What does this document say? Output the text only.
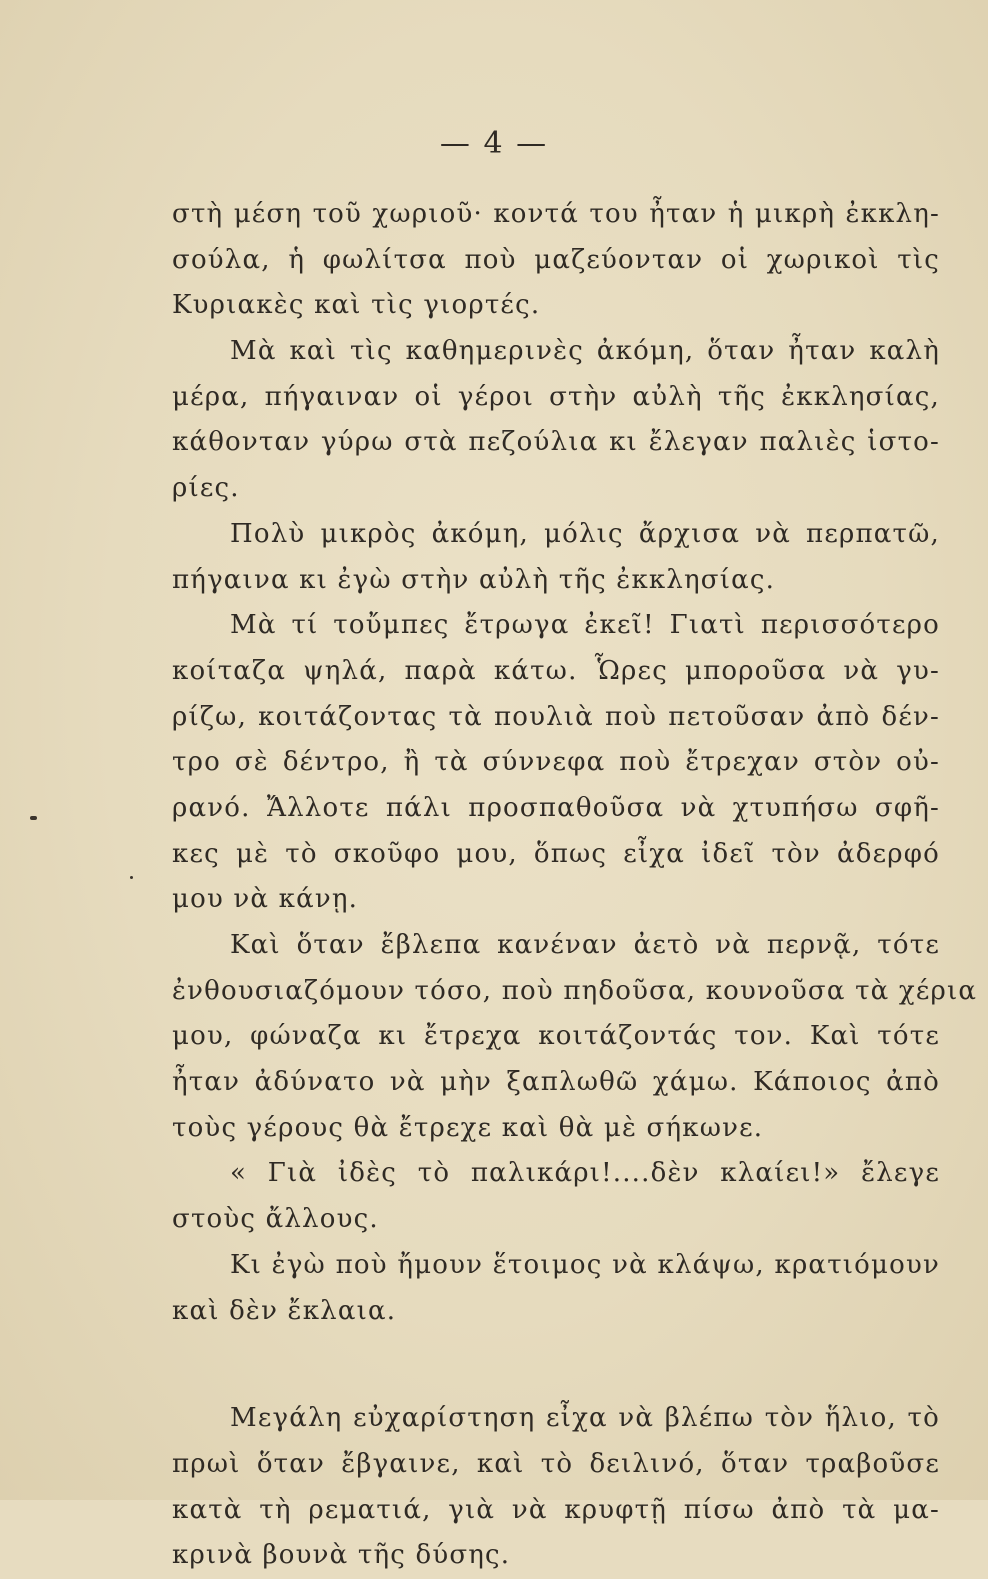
— 4 —
στὴ μέση τοῦ χωριοῦ· κοντά του ἦταν ἡ μικρὴ ἐκκλη-
σούλα, ἡ φωλίτσα ποὺ μαζεύονταν οἱ χωρικοὶ τὶς
Κυριακὲς καὶ τὶς γιορτές.
Μὰ καὶ τὶς καθημερινὲς ἀκόμη, ὅταν ἦταν καλὴ
μέρα, πήγαιναν οἱ γέροι στὴν αὐλὴ τῆς ἐκκλησίας,
κάθονταν γύρω στὰ πεζούλια κι ἔλεγαν παλιὲς ἱστο-
ρίες.
Πολὺ μικρὸς ἀκόμη, μόλις ἄρχισα νὰ περπατῶ,
πήγαινα κι ἐγὼ στὴν αὐλὴ τῆς ἐκκλησίας.
Μὰ τί τοὔμπες ἔτρωγα ἐκεῖ! Γιατὶ περισσότερο
κοίταζα ψηλά, παρὰ κάτω. Ὧρες μποροῦσα νὰ γυ-
ρίζω, κοιτάζοντας τὰ πουλιὰ ποὺ πετοῦσαν ἀπὸ δέν-
τρο σὲ δέντρο, ἢ τὰ σύννεφα ποὺ ἔτρεχαν στὸν οὐ-
ρανό. Ἄλλοτε πάλι προσπαθοῦσα νὰ χτυπήσω σφῆ-
κες μὲ τὸ σκοῦφο μου, ὅπως εἶχα ἰδεῖ τὸν ἀδερφό
μου νὰ κάνῃ.
Καὶ ὅταν ἔβλεπα κανέναν ἀετὸ νὰ περνᾷ, τότε
ἐνθουσιαζόμουν τόσο, ποὺ πηδοῦσα, κουνοῦσα τὰ χέρια
μου, φώναζα κι ἔτρεχα κοιτάζοντάς τον. Καὶ τότε
ἦταν ἀδύνατο νὰ μὴν ξαπλωθῶ χάμω. Κάποιος ἀπὸ
τοὺς γέρους θὰ ἔτρεχε καὶ θὰ μὲ σήκωνε.
« Γιὰ ἰδὲς τὸ παλικάρι!....δὲν κλαίει!» ἔλεγε
στοὺς ἄλλους.
Κι ἐγὼ ποὺ ἤμουν ἕτοιμος νὰ κλάψω, κρατιόμουν
καὶ δὲν ἔκλαια.
Μεγάλη εὐχαρίστηση εἶχα νὰ βλέπω τὸν ἥλιο, τὸ
πρωὶ ὅταν ἔβγαινε, καὶ τὸ δειλινό, ὅταν τραβοῦσε
κατὰ τὴ ρεματιά, γιὰ νὰ κρυφτῇ πίσω ἀπὸ τὰ μα-
κρινὰ βουνὰ τῆς δύσης.
